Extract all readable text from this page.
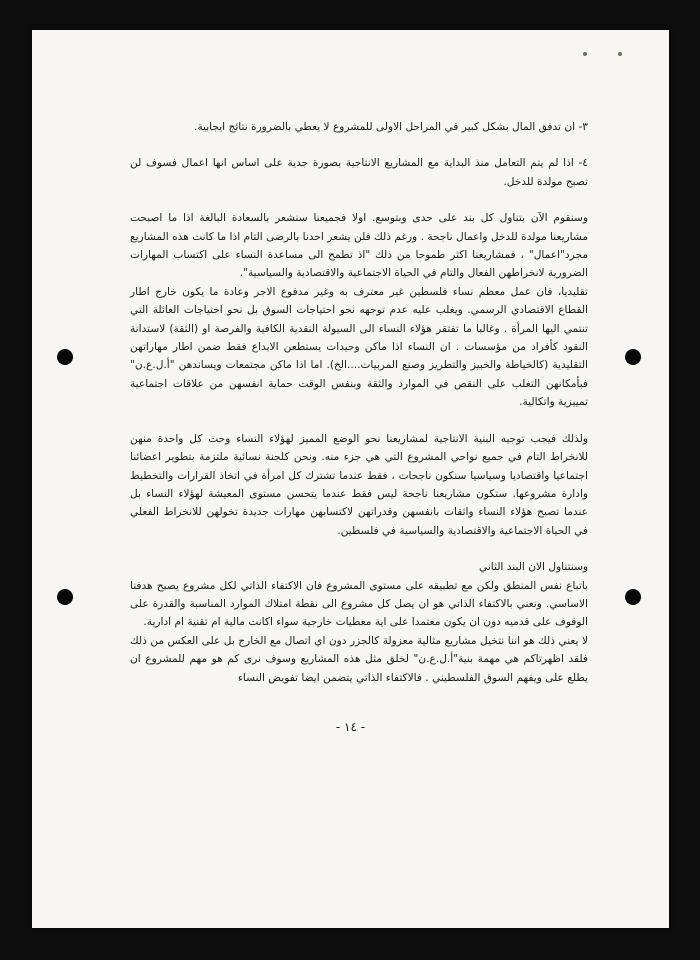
٣- ان تدفق المال بشكل كبير في المراحل الاولى للمشروع لا يعطي بالضرورة نتائج ايجابية.

٤- اذا لم يتم التعامل منذ البداية مع المشاريع الانتاجية بصورة جدية على اساس انها اعمال فسوف لن تصبح مولدة للدخل.

وسنقوم الآن بتناول كل بند على حدى وبتوسع. اولا فجميعنا سنشعر بالسعادة البالغة اذا ما اصبحت مشاريعنا مولدة للدخل واعمال ناجحة . ورغم ذلك فلن يشعر احدنا بالرضى التام اذا ما كانت هذه المشاريع مجرد"اعمال" ، فمشاريعنا اكثر طموحا من ذلك "اذ تطمح الى مساعدة النساء على اكتساب المهارات الضرورية لانخراطهن الفعال والتام في الحياة الاجتماعية والاقتصادية والسياسية".

تقليديا، فان عمل معظم نساء فلسطين غير معترف به وغير مدفوع الاجر وعادة ما يكون خارج اطار القطاع الاقتصادي الرسمي. ويغلب عليه عدم توجهه نحو احتياجات السوق بل نحو احتياجات العائلة التي تنتمي اليها المرأة . وغالبا ما تفتقر هؤلاء النساء الى السيولة النقدية الكافية والفرصة او (الثقة) لاستدانة النقود كأفراد من مؤسسات . ان النساء اذا ماكن وحيدات يستطعن الابداع فقط ضمن اطار مهاراتهن التقليدية (كالخياطة والخبيز والتطريز وصنع المربيات....الخ). اما اذا ماكن مجتمعات ويساندهن "أ.ل.ع.ن" فبأمكانهن التغلب على النقص في الموارد والثقة وبنفس الوقت حماية انفسهن من علاقات اجتماعية تمييزية واتكالية.

ولذلك فيجب توجيه البنية الانتاجية لمشاريعنا نحو الوضع المميز لهؤلاء النساء وحث كل واحدة منهن للانخراط التام في جميع نواحي المشروع التي هي جزء منه. ونحن كلجنة نسائية ملتزمة بتطوير اعضائنا اجتماعيا واقتصاديا وسياسيا سنكون ناجحات ، فقط عندما تشترك كل امرأة في اتخاذ القرارات والتخطيط وادارة مشروعها. ستكون مشاريعنا ناجحة ليس فقط عندما يتحسن مستوى المعيشة لهؤلاء النساء بل عندما تصبح هؤلاء النساء واثقات بانفسهن وقدراتهن لاكتسابهن مهارات جديدة تخولهن للانخراط الفعلي في الحياة الاجتماعية والاقتصادية والسياسية في فلسطين.

وسنتناول الان البند الثاني

باتباع نفس المنطق ولكن مع تطبيقه على مستوى المشروع فان الاكتفاء الذاتي لكل مشروع يصبح هدفنا الاساسي. ونعني بالاكتفاء الذاتي هو ان يصل كل مشروع الى نقطة امتلاك الموارد المناسبة والقدرة على الوقوف على قدميه دون ان يكون معتمدا على اية معطيات خارجية سواء اكانت مالية ام تقنية ام ادارية.

لا يعني ذلك هو اننا نتخيل مشاريع مثالية معزولة كالجزر دون اي اتصال مع الخارج بل على العكس من ذلك فلقد اظهرتاكم هي مهمة بنية"أ.ل.ع.ن" لخلق مثل هذه المشاريع وسوف نرى كم هو مهم للمشروع ان يطلع على ويفهم السوق الفلسطيني . فالاكتفاء الذاتي يتضمن ايضا تفويض النساء

- ١٤ -
